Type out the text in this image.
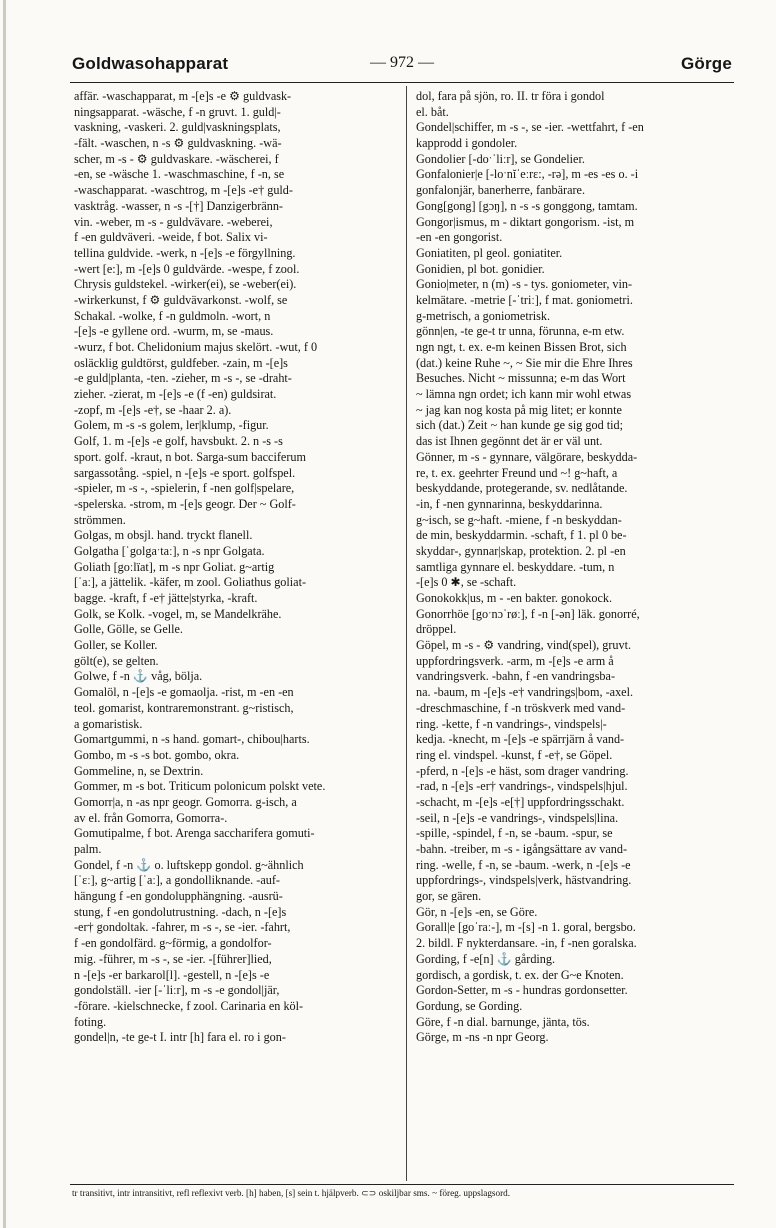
Goldwasohapparat	— 972 —	Görge
affär. -waschapparat, m -[e]s -e ⚙ guldvask-
ningsapparat. -wäsche, f -n gruvt. 1. guld|-
vaskning, -vaskeri. 2. guld|vaskningsplats,
-fält. -waschen, n -s ⚙ guldvaskning. -wä-
scher, m -s - ⚙ guldvaskare. -wäscherei, f
-en, se -wäsche 1. -waschmaschine, f -n, se
-waschapparat. -waschtrog, m -[e]s -e† guld-
vasktråg. -wasser, n -s -[†] Danzigerbränn-
vin. -weber, m -s - guldvävare. -weberei,
f -en guldväveri. -weide, f bot. Salix vi-
tellina guldvide. -werk, n -[e]s -e förgyllning.
-wert [e:], m -[e]s 0 guldvärde. -wespe, f zool.
Chrysis guldstekel. -wirker(ei), se -weber(ei).
-wirkerkunst, f ⚙ guldvävarkonst. -wolf, se
Schakal. -wolke, f -n guldmoln. -wort, n
-[e]s -e gyllene ord. -wurm, m, se -maus.
-wurz, f bot. Chelidonium majus skelört. -wut, f 0
osläcklig guldtörst, guldfeber. -zain, m -[e]s
-e guld|planta, -ten. -zieher, m -s -, se -draht-
zieher. -zierat, m -[e]s -e (f -en) guldsirat.
-zopf, m -[e]s -e†, se -haar 2. a).
Golem, m -s -s golem, ler|klump, -figur.
Golf, 1. m -[e]s -e golf, havsbukt. 2. n -s -s
sport. golf. -kraut, n bot. Sarga-sum bacciferum
sargassotång. -spiel, n -[e]s -e sport. golfspel.
-spieler, m -s -, -spielerin, f -nen golf|spelare,
-spelerska. -strom, m -[e]s geogr. Der ~ Golf-
strömmen.
Golgas, m obsjl. hand. tryckt flanell.
Golgatha [ˈgolgaˑtaː], n -s npr Golgata.
Goliath [goːlïat], m -s npr Goliat. g~artig
[ˈaː], a jättelik. -käfer, m zool. Goliathus goliat-
bagge. -kraft, f -e† jätte|styrka, -kraft.
Golk, se Kolk. -vogel, m, se Mandelkrähe.
Golle, Gölle, se Gelle.
Goller, se Koller.
gölt(e), se gelten.
Golwe, f -n ⚓ våg, bölja.
Gomalöl, n -[e]s -e gomaolja. -rist, m -en -en
teol. gomarist, kontraremonstrant. g~ristisch,
a gomaristisk.
Gomartgummi, n -s hand. gomart-, chibou|harts.
Gombo, m -s -s bot. gombo, okra.
Gommeline, n, se Dextrin.
Gommer, m -s bot. Triticum polonicum polskt vete.
Gomorr|a, n -as npr geogr. Gomorra. g-isch, a
av el. från Gomorra, Gomorra-.
Gomutipalme, f bot. Arenga saccharifera gomuti-
palm.
Gondel, f -n ⚓ o. luftskepp gondol. g~ähnlich
[ˈɛː], g~artig [ˈaː], a gondolliknande. -auf-
hängung f -en gondolupphängning. -ausrü-
stung, f -en gondolutrustning. -dach, n -[e]s
-er† gondoltak. -fahrer, m -s -, se -ier. -fahrt,
f -en gondolfärd. g~förmig, a gondolfor-
mig. -führer, m -s -, se -ier. -[führer]lied,
n -[e]s -er barkarol[l]. -gestell, n -[e]s -e
gondolställ. -ier [-ˈliːr], m -s -e gondol|jär,
-förare. -kielschnecke, f zool. Carinaria en köl-
foting.
gondel|n, -te ge-t I. intr [h] fara el. ro i gon-
dol, fara på sjön, ro. II. tr föra i gondol
el. båt.
Gondel|schiffer, m -s -, se -ier. -wettfahrt, f -en
kapprodd i gondoler.
Gondolier [-doˑˈliːr], se Gondelier.
Gonfalonier|e [-loˑnĭˈeːrɛ:, -rə], m -es -es o. -i
gonfalonjär, banerherre, fanbärare.
Gong[gong] [gɔŋ], n -s -s gonggong, tamtam.
Gongor|ismus, m - diktart gongorism. -ist, m
-en -en gongorist.
Goniatiten, pl geol. goniatiter.
Gonidien, pl bot. gonidier.
Gonio|meter, n (m) -s - tys. goniometer, vin-
kelmätare. -metrie [-ˈtriː], f mat. goniometri.
g-metrisch, a goniometrisk.
gönn|en, -te ge-t tr unna, förunna, e-m etw.
ngn ngt, t. ex. e-m keinen Bissen Brot, sich
(dat.) keine Ruhe ~, ~ Sie mir die Ehre Ihres
Besuches. Nicht ~ missunna; e-m das Wort
~ lämna ngn ordet; ich kann mir wohl etwas
~ jag kan nog kosta på mig litet; er konnte
sich (dat.) Zeit ~ han kunde ge sig god tid;
das ist Ihnen gegönnt det är er väl unt.
Gönner, m -s - gynnare, välgörare, beskydda-
re, t. ex. geehrter Freund und ~! g~haft, a
beskyddande, protegerande, sv. nedlåtande.
-in, f -nen gynnarinna, beskyddarinna.
g~isch, se g~haft. -miene, f -n beskyddan-
de min, beskyddarmin. -schaft, f 1. pl 0 be-
skyddar-, gynnar|skap, protektion. 2. pl -en
samtliga gynnare el. beskyddare. -tum, n
-[e]s 0 ✱, se -schaft.
Gonokokk|us, m - -en bakter. gonokock.
Gonorrhöe [goˑnɔˈrøː], f -n [-ən] läk. gonorré,
dröppel.
Göpel, m -s - ⚙ vandring, vind(spel), gruvt.
uppfordringsverk. -arm, m -[e]s -e arm å
vandringsverk. -bahn, f -en vandringsba-
na. -baum, m -[e]s -e† vandrings|bom, -axel.
-dreschmaschine, f -n tröskverk med vand-
ring. -kette, f -n vandrings-, vindspels|-
kedja. -knecht, m -[e]s -e spärrjärn å vand-
ring el. vindspel. -kunst, f -e†, se Göpel.
-pferd, n -[e]s -e häst, som drager vandring.
-rad, n -[e]s -er† vandrings-, vindspels|hjul.
-schacht, m -[e]s -e[†] uppfordringsschakt.
-seil, n -[e]s -e vandrings-, vindspels|lina.
-spille, -spindel, f -n, se -baum. -spur, se
-bahn. -treiber, m -s - igångsättare av vand-
ring. -welle, f -n, se -baum. -werk, n -[e]s -e
uppfordrings-, vindspels|verk, hästvandring.
gor, se gären.
Gör, n -[e]s -en, se Göre.
Gorall|e [goˈraː-], m -[s] -n 1. goral, bergsbo.
2. bildl. F nykterdansare. -in, f -nen goralska.
Gording, f -e[n] ⚓ gårding.
gordisch, a gordisk, t. ex. der G~e Knoten.
Gordon-Setter, m -s - hundras gordonsetter.
Gordung, se Gording.
Göre, f -n dial. barnunge, jänta, tös.
Görge, m -ns -n npr Georg.
tr transitivt, intr intransitivt, refl reflexivt verb. [h] haben, [s] sein t. hjälpverb. ⊂⊃ oskiljbar sms. ~ föreg. uppslagsord.
